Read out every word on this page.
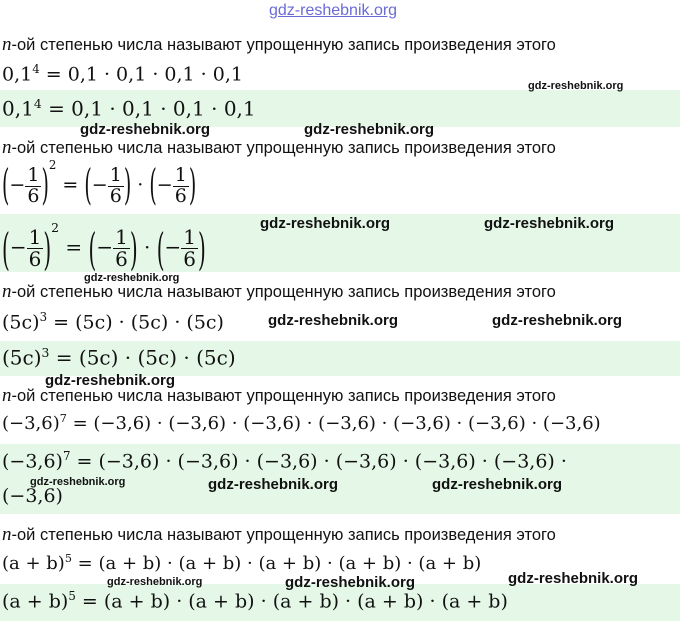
gdz-reshebnik.org
n-ой степенью числа называют упрощенную запись произведения этого
$0,1^4 = 0,1 \cdot 0,1 \cdot 0,1 \cdot 0,1$
$0,1^4 = 0,1 \cdot 0,1 \cdot 0,1 \cdot 0,1$
gdz-reshebnik.org
gdz-reshebnik.org	gdz-reshebnik.org
n-ой степенью числа называют упрощенную запись произведения этого
(− $\frac{1}{6} )^2$ = (− $\frac{1}{6}$ ) · (− $\frac{1}{6}$ )
(− $\frac{1}{6} )^2$ = (− $\frac{1}{6}$ ) · (− $\frac{1}{6}$ )	gdz-reshebnik.org	gdz-reshebnik.org
gdz-reshebnik.org
n-ой степенью числа называют упрощенную запись произведения этого
$(5c)^3 = (5c) \cdot (5c) \cdot (5c)$	gdz-reshebnik.org	gdz-reshebnik.org
$(5c)^3 = (5c) \cdot (5c) \cdot (5c)$
gdz-reshebnik.org
n-ой степенью числа называют упрощенную запись произведения этого
$(-3,6)^7 = (-3,6) \cdot (-3,6) \cdot (-3,6) \cdot (-3,6) \cdot (-3,6) \cdot (-3,6) \cdot (-3,6)$
$(-3,6)^7 = (-3,6) \cdot (-3,6) \cdot (-3,6) \cdot (-3,6) \cdot (-3,6) \cdot (-3,6)$ ·
(−3,6)
gdz-reshebnik.org	gdz-reshebnik.org	gdz-reshebnik.org
n-ой степенью числа называют упрощенную запись произведения этого
$(a + b)^5 = (a + b) \cdot (a + b) \cdot (a + b) \cdot (a + b) \cdot (a + b)$
$(a + b)^5 = (a + b) \cdot (a + b) \cdot (a + b) \cdot (a + b) \cdot (a + b)$
gdz-reshebnik.org	gdz-reshebnik.org	gdz-reshebnik.org
